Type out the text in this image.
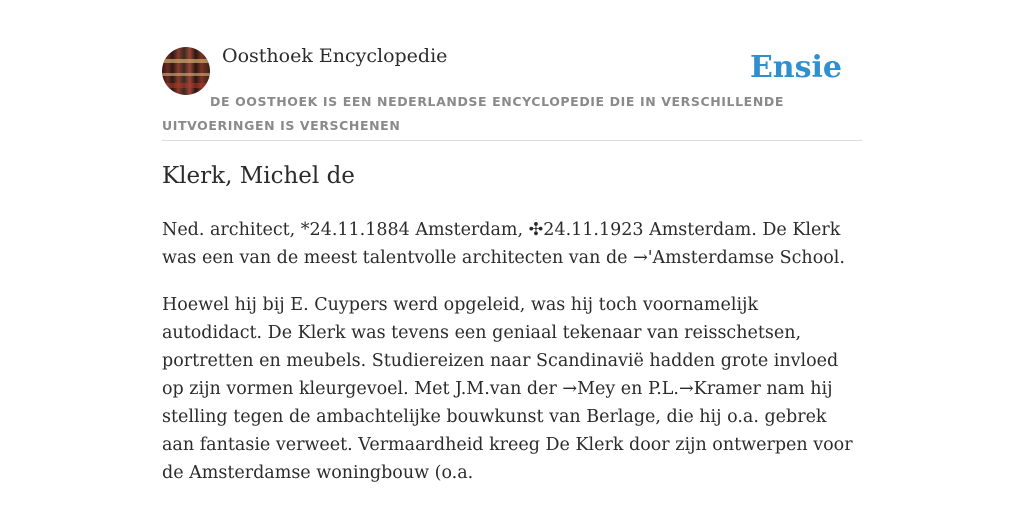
Oosthoek Encyclopedie	Ensie
DE OOSTHOEK IS EEN NEDERLANDSE ENCYCLOPEDIE DIE IN VERSCHILLENDE UITVOERINGEN IS VERSCHENEN
Klerk, Michel de

Ned. architect, *24.11.1884 Amsterdam, ✣24.11.1923 Amsterdam. De Klerk was een van de meest talentvolle architecten van de →'Amsterdamse School.

Hoewel hij bij E. Cuypers werd opgeleid, was hij toch voornamelijk autodidact. De Klerk was tevens een geniaal tekenaar van reisschetsen, portretten en meubels. Studiereizen naar Scandinavië hadden grote invloed op zijn vormen kleurgevoel. Met J.M.van der →Mey en P.L.→Kramer nam hij stelling tegen de ambachtelijke bouwkunst van Berlage, die hij o.a. gebrek aan fantasie verweet. Vermaardheid kreeg De Klerk door zijn ontwerpen voor de Amsterdamse woningbouw (o.a.
